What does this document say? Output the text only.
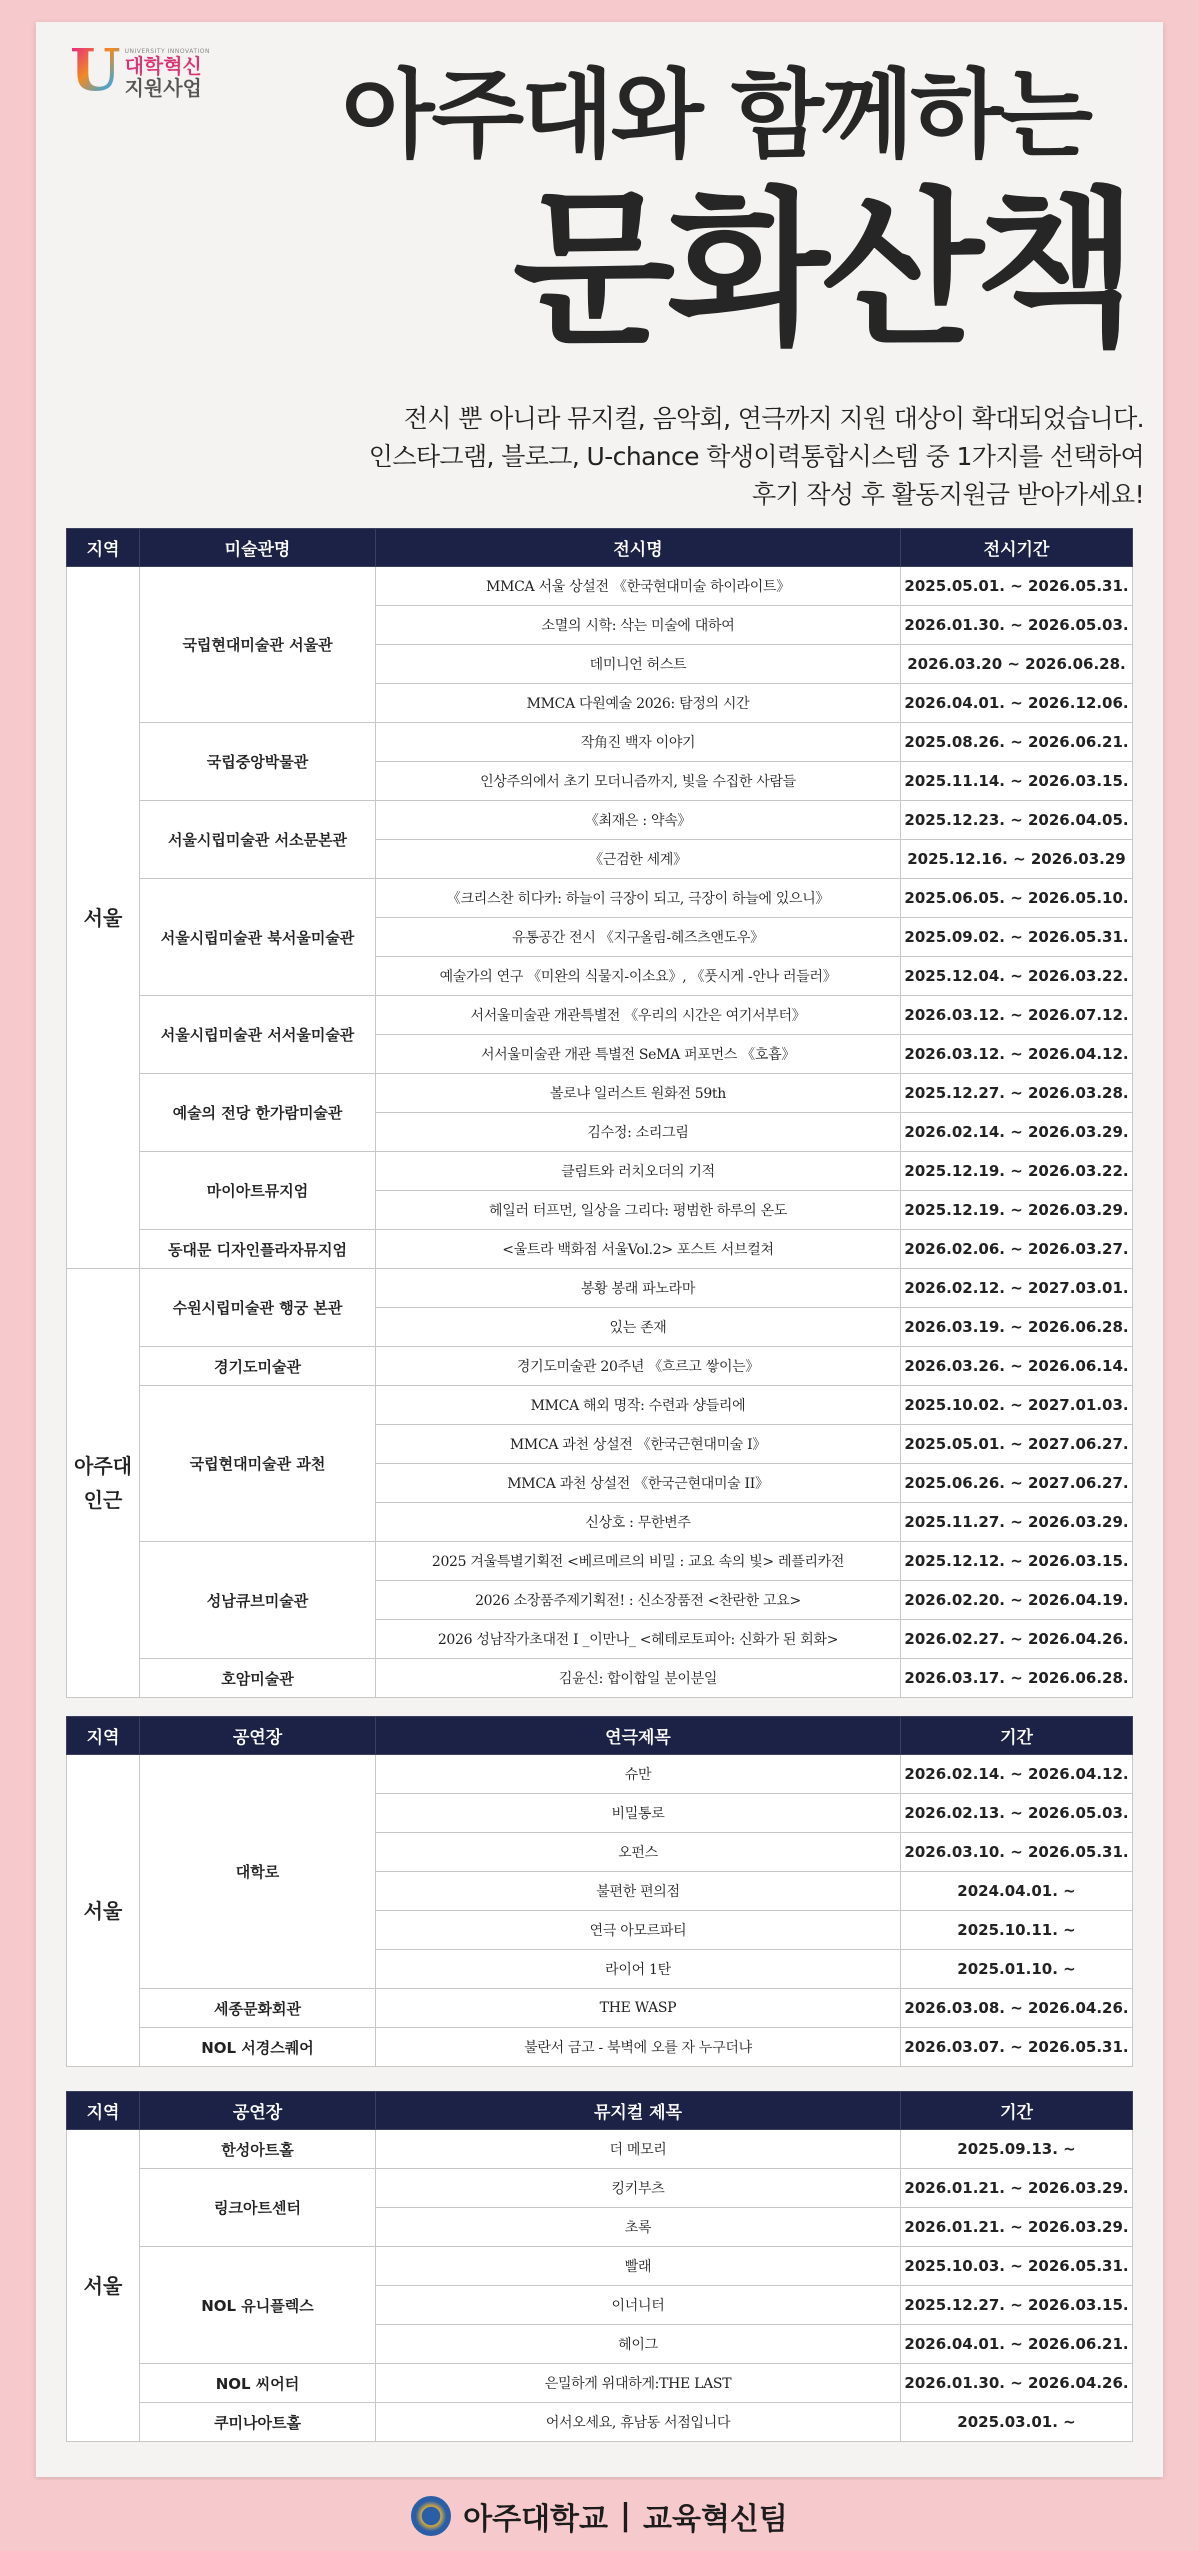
U UNIVERSITY INNOVATION
대학혁신
지원사업	아주대와 함께하는
문화산책
전시 뿐 아니라 뮤지컬, 음악회, 연극까지 지원 대상이 확대되었습니다.
인스타그램, 블로그, U-chance 학생이력통합시스템 중 1가지를 선택하여
후기 작성 후 활동지원금 받아가세요!
지역	미술관명	전시명	전시기간
서울	국립현대미술관 서울관	MMCA 서울 상설전 《한국현대미술 하이라이트》	2025.05.01. ~ 2026.05.31.
		소멸의 시학: 삭는 미술에 대하여	2026.01.30. ~ 2026.05.03.
		데미니언 허스트	2026.03.20 ~ 2026.06.28.
		MMCA 다원예술 2026: 탐정의 시간	2026.04.01. ~ 2026.12.06.
	국립중앙박물관	작角진 백자 이야기	2025.08.26. ~ 2026.06.21.
		인상주의에서 초기 모더니즘까지, 빛을 수집한 사람들	2025.11.14. ~ 2026.03.15.
	서울시립미술관 서소문본관	《최재은 : 약속》	2025.12.23. ~ 2026.04.05.
		《근검한 세계》	2025.12.16. ~ 2026.03.29
	서울시립미술관 북서울미술관	《크리스찬 히다카: 하늘이 극장이 되고, 극장이 하늘에 있으니》	2025.06.05. ~ 2026.05.10.
		유통공간 전시 《지구올림-헤즈츠앤도우》	2025.09.02. ~ 2026.05.31.
		예술가의 연구 《미완의 식물지-이소요》, 《풋시게 -안나 러들러》	2025.12.04. ~ 2026.03.22.
	서울시립미술관 서서울미술관	서서울미술관 개관특별전 《우리의 시간은 여기서부터》	2026.03.12. ~ 2026.07.12.
		서서울미술관 개관 특별전 SeMA 퍼포먼스 《호흡》	2026.03.12. ~ 2026.04.12.
	예술의 전당 한가람미술관	볼로냐 일러스트 원화전 59th	2025.12.27. ~ 2026.03.28.
		김수정: 소리그림	2026.02.14. ~ 2026.03.29.
	마이아트뮤지엄	클림트와 러치오더의 기적	2025.12.19. ~ 2026.03.22.
		헤일러 터프먼, 일상을 그리다: 평범한 하루의 온도	2025.12.19. ~ 2026.03.29.
	동대문 디자인플라자뮤지엄	<울트라 백화점 서울Vol.2> 포스트 서브컬쳐	2026.02.06. ~ 2026.03.27.
아주대 인근	수원시립미술관 행궁 본관	봉황 봉래 파노라마	2026.02.12. ~ 2027.03.01.
		있는 존재	2026.03.19. ~ 2026.06.28.
	경기도미술관	경기도미술관 20주년 《흐르고 쌓이는》	2026.03.26. ~ 2026.06.14.
	국립현대미술관 과천	MMCA 해외 명작: 수련과 샹들리에	2025.10.02. ~ 2027.01.03.
		MMCA 과천 상설전 《한국근현대미술 I》	2025.05.01. ~ 2027.06.27.
		MMCA 과천 상설전 《한국근현대미술 II》	2025.06.26. ~ 2027.06.27.
		신상호 : 무한변주	2025.11.27. ~ 2026.03.29.
	성남큐브미술관	2025 겨울특별기획전 <베르메르의 비밀 : 교요 속의 빛> 레플리카전	2025.12.12. ~ 2026.03.15.
		2026 소장품주제기획전! : 신소장품전 <찬란한 고요>	2026.02.20. ~ 2026.04.19.
		2026 성남작가초대전 I _이만나_ <헤테로토피아: 신화가 된 회화>	2026.02.27. ~ 2026.04.26.
	호암미술관	김윤신: 합이합일 분이분일	2026.03.17. ~ 2026.06.28.
지역	공연장	연극제목	기간
서울	대학로	슈만	2026.02.14. ~ 2026.04.12.
		비밀통로	2026.02.13. ~ 2026.05.03.
		오펀스	2026.03.10. ~ 2026.05.31.
		불편한 편의점	2024.04.01. ~
		연극 아모르파티	2025.10.11. ~
		라이어 1탄	2025.01.10. ~
	세종문화회관	THE WASP	2026.03.08. ~ 2026.04.26.
	NOL 서경스퀘어	불란서 금고 - 북벽에 오를 자 누구더냐	2026.03.07. ~ 2026.05.31.
지역	공연장	뮤지컬 제목	기간
서울	한성아트홀	더 메모리	2025.09.13. ~
	링크아트센터	킹키부츠	2026.01.21. ~ 2026.03.29.
		초록	2026.01.21. ~ 2026.03.29.
	NOL 유니플렉스	빨래	2025.10.03. ~ 2026.05.31.
		이너니터	2025.12.27. ~ 2026.03.15.
		헤이그	2026.04.01. ~ 2026.06.21.
	NOL 씨어터	은밀하게 위대하게:THE LAST	2026.01.30. ~ 2026.04.26.
	쿠미나아트홀	어서오세요, 휴남동 서점입니다	2025.03.01. ~
아주대학교 | 교육혁신팀
